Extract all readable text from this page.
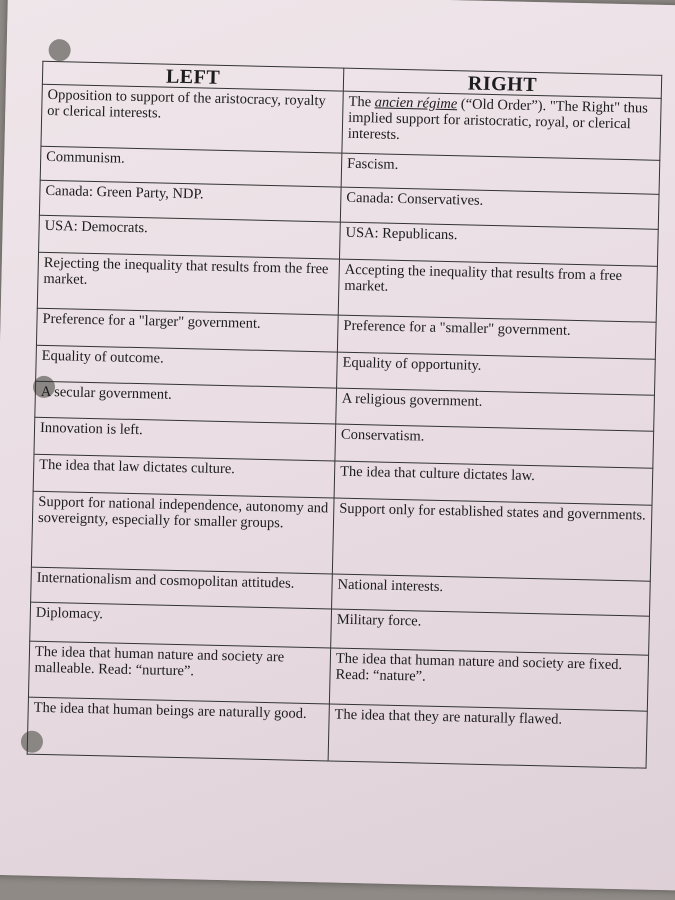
LEFT	RIGHT
Opposition to support of the aristocracy, royalty or clerical interests.	The ancien régime (“Old Order”). "The Right" thus implied support for aristocratic, royal, or clerical interests.
Communism.	Fascism.
Canada: Green Party, NDP.	Canada: Conservatives.
USA: Democrats.	USA: Republicans.
Rejecting the inequality that results from the free market.	Accepting the inequality that results from a free market.
Preference for a "larger" government.	Preference for a "smaller" government.
Equality of outcome.	Equality of opportunity.
A secular government.	A religious government.
Innovation is left.	Conservatism.
The idea that law dictates culture.	The idea that culture dictates law.
Support for national independence, autonomy and sovereignty, especially for smaller groups.	Support only for established states and governments.
Internationalism and cosmopolitan attitudes.	National interests.
Diplomacy.	Military force.
The idea that human nature and society are malleable. Read: “nurture”.	The idea that human nature and society are fixed. Read: “nature”.
The idea that human beings are naturally good.	The idea that they are naturally flawed.
